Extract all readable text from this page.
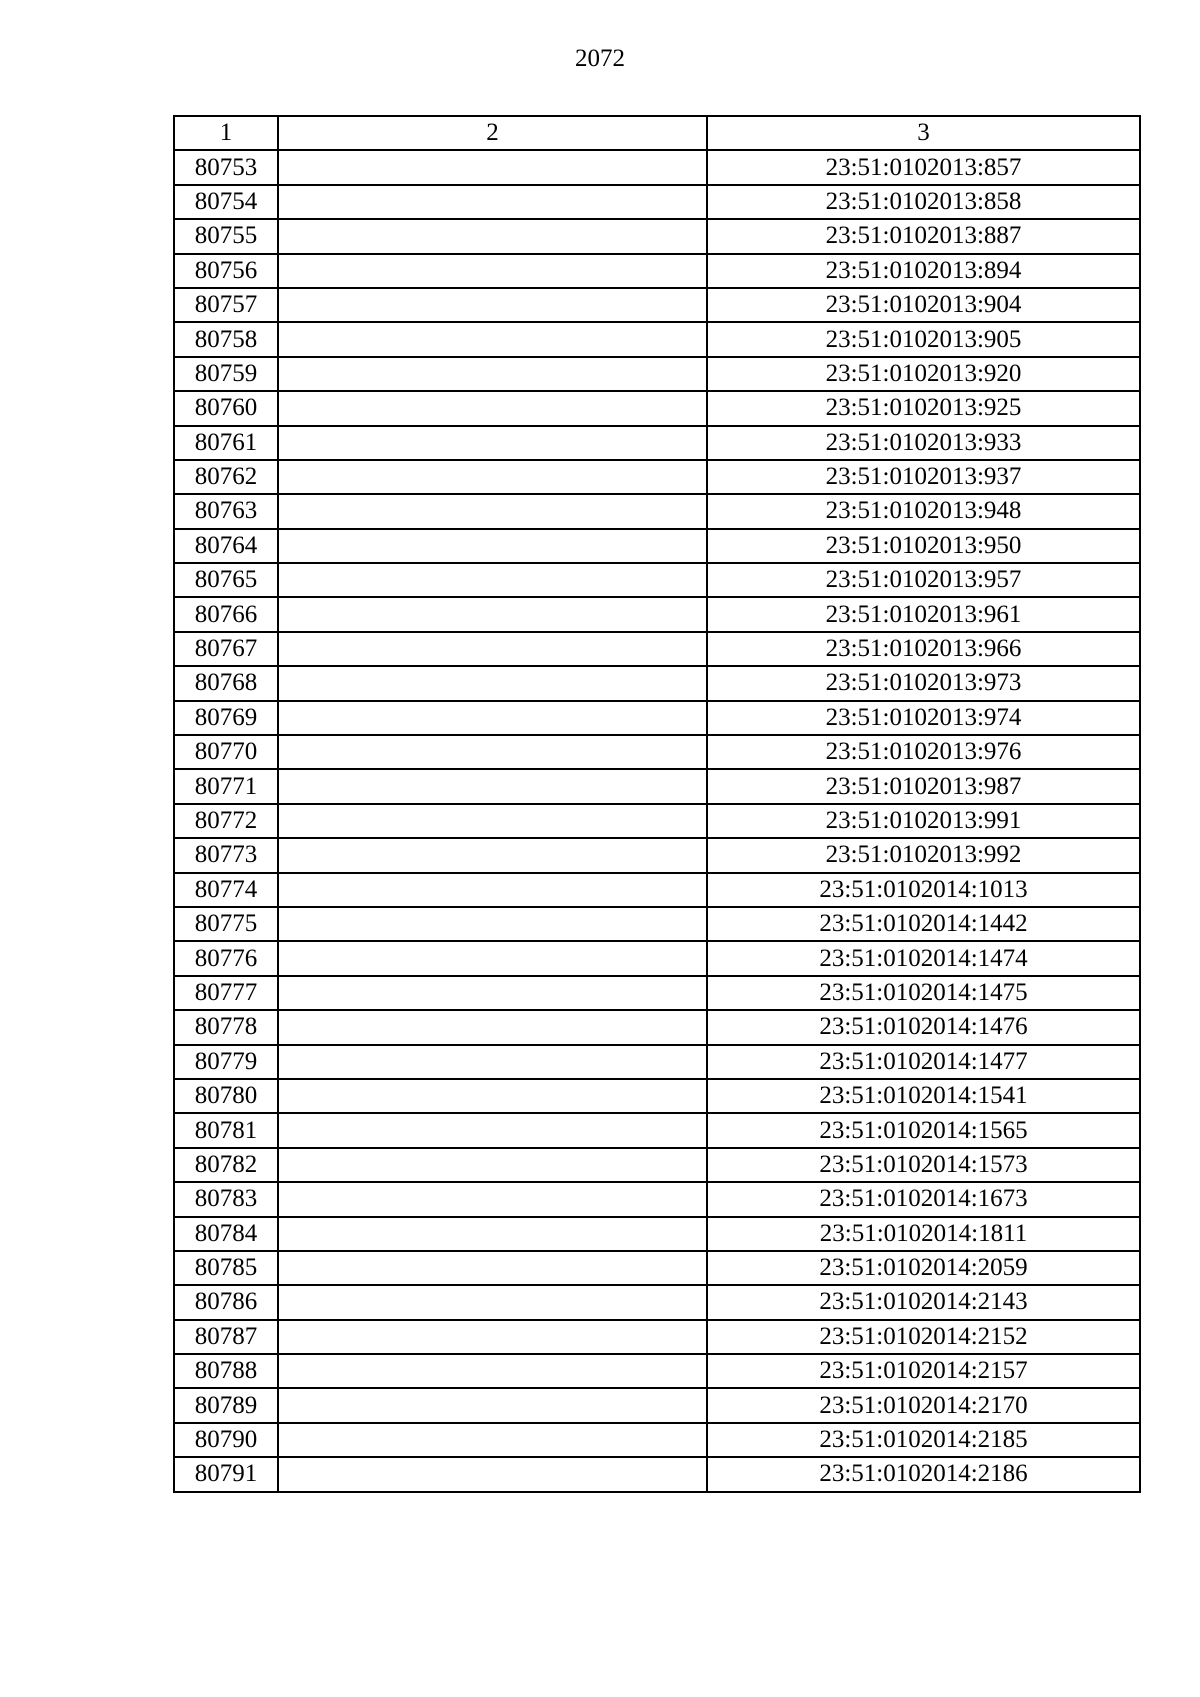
2072
1	2	3
80753		23:51:0102013:857
80754		23:51:0102013:858
80755		23:51:0102013:887
80756		23:51:0102013:894
80757		23:51:0102013:904
80758		23:51:0102013:905
80759		23:51:0102013:920
80760		23:51:0102013:925
80761		23:51:0102013:933
80762		23:51:0102013:937
80763		23:51:0102013:948
80764		23:51:0102013:950
80765		23:51:0102013:957
80766		23:51:0102013:961
80767		23:51:0102013:966
80768		23:51:0102013:973
80769		23:51:0102013:974
80770		23:51:0102013:976
80771		23:51:0102013:987
80772		23:51:0102013:991
80773		23:51:0102013:992
80774		23:51:0102014:1013
80775		23:51:0102014:1442
80776		23:51:0102014:1474
80777		23:51:0102014:1475
80778		23:51:0102014:1476
80779		23:51:0102014:1477
80780		23:51:0102014:1541
80781		23:51:0102014:1565
80782		23:51:0102014:1573
80783		23:51:0102014:1673
80784		23:51:0102014:1811
80785		23:51:0102014:2059
80786		23:51:0102014:2143
80787		23:51:0102014:2152
80788		23:51:0102014:2157
80789		23:51:0102014:2170
80790		23:51:0102014:2185
80791		23:51:0102014:2186
